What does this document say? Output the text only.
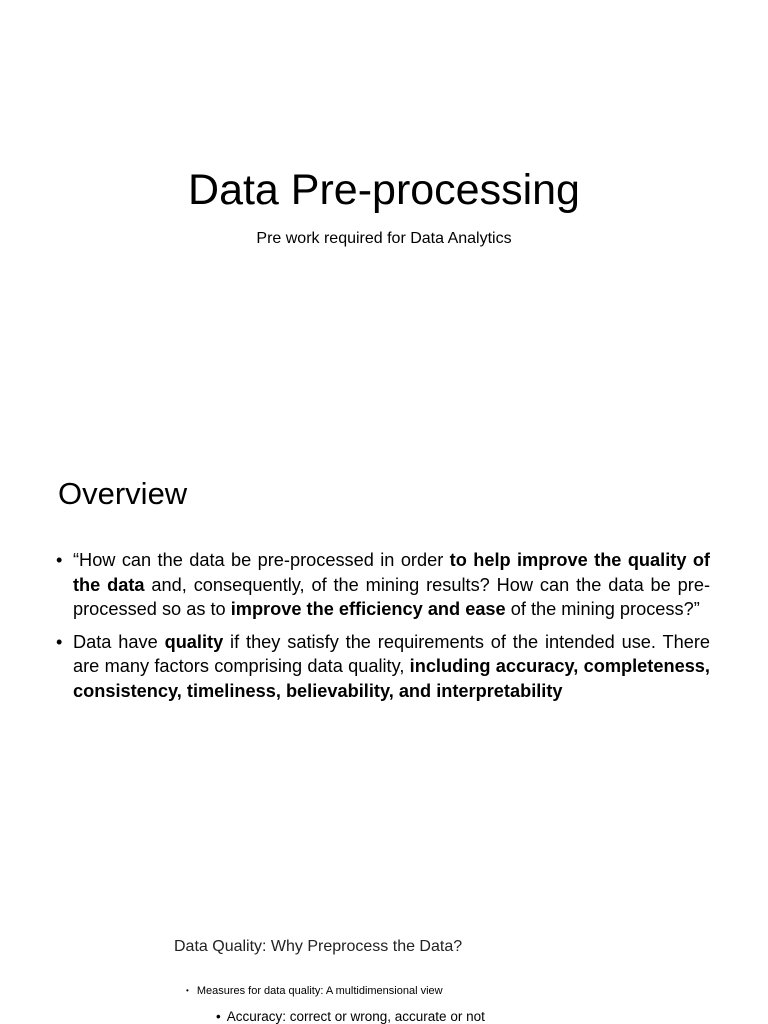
Data Pre-processing

Pre work required for Data Analytics

Overview
• “How can the data be pre-processed in order to help improve the quality of the data and, consequently, of the mining results? How can the data be pre-processed so as to improve the efficiency and ease of the mining process?”
• Data have quality if they satisfy the requirements of the intended use. There are many factors comprising data quality, including accuracy, completeness, consistency, timeliness, believability, and interpretability
Data Quality: Why Preprocess the Data?

• Measures for data quality: A multidimensional view

• Accuracy: correct or wrong, accurate or not
